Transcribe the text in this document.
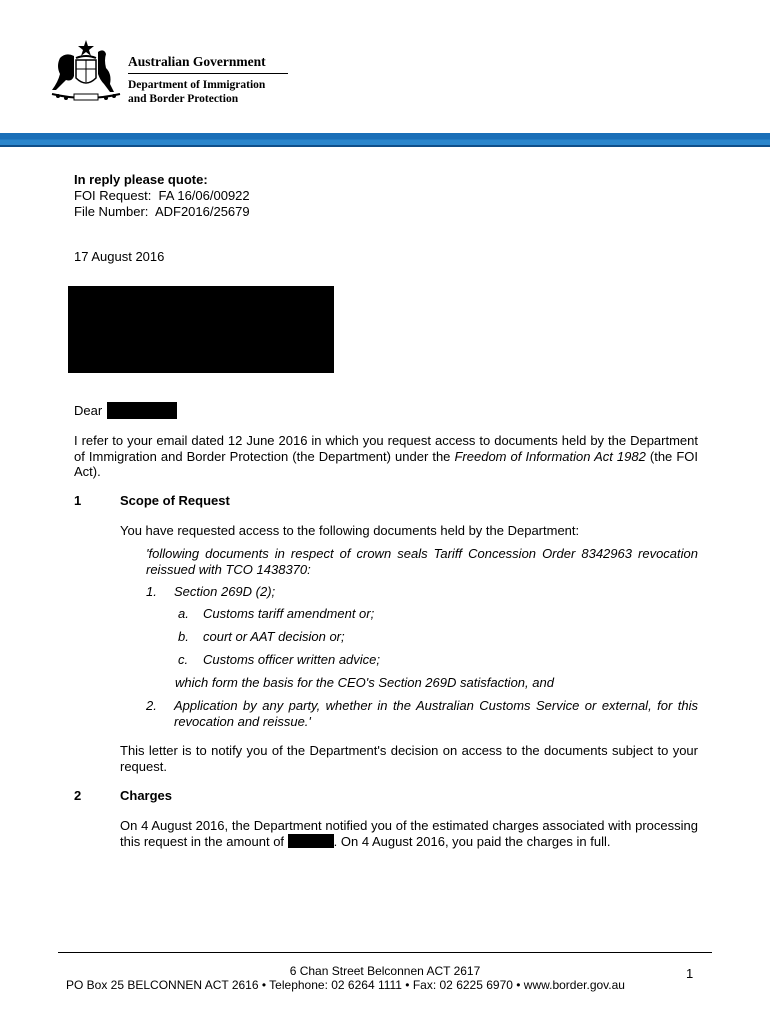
Australian Government
Department of Immigration
and Border Protection
In reply please quote:
FOI Request: FA 16/06/00922
File Number: ADF2016/25679
17 August 2016
Dear
I refer to your email dated 12 June 2016 in which you request access to documents held by the Department of Immigration and Border Protection (the Department) under the Freedom of Information Act 1982 (the FOI Act).
1	Scope of Request
You have requested access to the following documents held by the Department:
'following documents in respect of crown seals Tariff Concession Order 8342963 revocation reissued with TCO 1438370:
1. Section 269D (2);
a. Customs tariff amendment or;
b. court or AAT decision or;
c. Customs officer written advice;
which form the basis for the CEO's Section 269D satisfaction, and
2. Application by any party, whether in the Australian Customs Service or external, for this revocation and reissue.'
This letter is to notify you of the Department's decision on access to the documents subject to your request.
2	Charges
On 4 August 2016, the Department notified you of the estimated charges associated with processing this request in the amount of	. On 4 August 2016, you paid the charges in full.
6 Chan Street Belconnen ACT 2617	1
PO Box 25 BELCONNEN ACT 2616 • Telephone: 02 6264 1111 • Fax: 02 6225 6970 • www.border.gov.au
